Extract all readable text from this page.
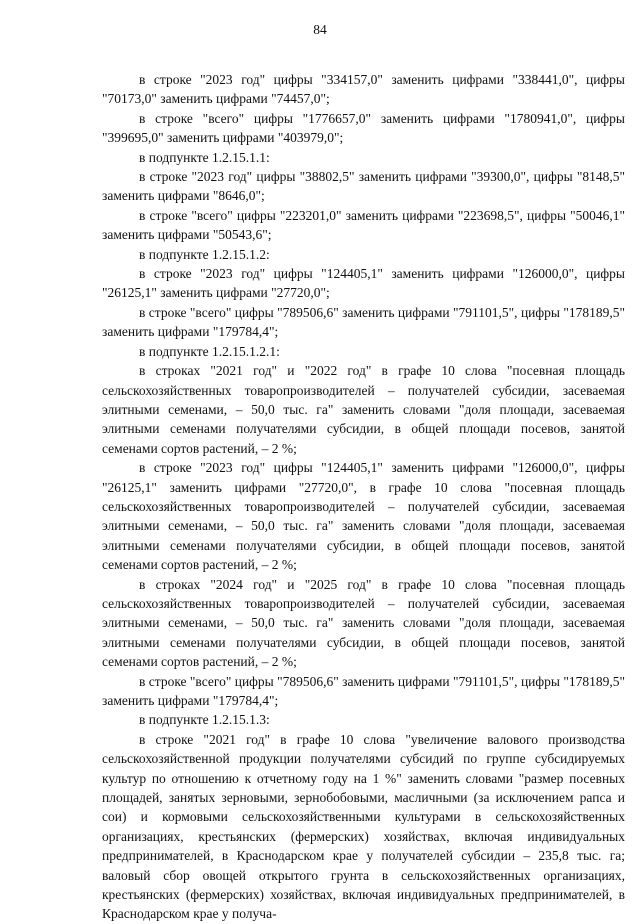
84

в строке "2023 год" цифры "334157,0" заменить цифрами "338441,0", цифры "70173,0" заменить цифрами "74457,0";

в строке "всего" цифры "1776657,0" заменить цифрами "1780941,0", цифры "399695,0" заменить цифрами "403979,0";

в подпункте 1.2.15.1.1:

в строке "2023 год" цифры "38802,5" заменить цифрами "39300,0", цифры "8148,5" заменить цифрами "8646,0";

в строке "всего" цифры "223201,0" заменить цифрами "223698,5", цифры "50046,1" заменить цифрами "50543,6";

в подпункте 1.2.15.1.2:

в строке "2023 год" цифры "124405,1" заменить цифрами "126000,0", цифры "26125,1" заменить цифрами "27720,0";

в строке "всего" цифры "789506,6" заменить цифрами "791101,5", цифры "178189,5" заменить цифрами "179784,4";

в подпункте 1.2.15.1.2.1:

в строках "2021 год" и "2022 год" в графе 10 слова "посевная площадь сельскохозяйственных товаропроизводителей – получателей субсидии, засеваемая элитными семенами, – 50,0 тыс. га" заменить словами "доля площади, засеваемая элитными семенами получателями субсидии, в общей площади посевов, занятой семенами сортов растений, – 2 %;

в строке "2023 год" цифры "124405,1" заменить цифрами "126000,0", цифры "26125,1" заменить цифрами "27720,0", в графе 10 слова "посевная площадь сельскохозяйственных товаропроизводителей – получателей субсидии, засеваемая элитными семенами, – 50,0 тыс. га" заменить словами "доля площади, засеваемая элитными семенами получателями субсидии, в общей площади посевов, занятой семенами сортов растений, – 2 %;

в строках "2024 год" и "2025 год" в графе 10 слова "посевная площадь сельскохозяйственных товаропроизводителей – получателей субсидии, засеваемая элитными семенами, – 50,0 тыс. га" заменить словами "доля площади, засеваемая элитными семенами получателями субсидии, в общей площади посевов, занятой семенами сортов растений, – 2 %;

в строке "всего" цифры "789506,6" заменить цифрами "791101,5", цифры "178189,5" заменить цифрами "179784,4";

в подпункте 1.2.15.1.3:

в строке "2021 год" в графе 10 слова "увеличение валового производства сельскохозяйственной продукции получателями субсидий по группе субсидируемых культур по отношению к отчетному году на 1 %" заменить словами "размер посевных площадей, занятых зерновыми, зернобобовыми, масличными (за исключением рапса и сои) и кормовыми сельскохозяйственными культурами в сельскохозяйственных организациях, крестьянских (фермерских) хозяйствах, включая индивидуальных предпринимателей, в Краснодарском крае у получателей субсидии – 235,8 тыс. га; валовый сбор овощей открытого грунта в сельскохозяйственных организациях, крестьянских (фермерских) хозяйствах, включая индивидуальных предпринимателей, в Краснодарском крае у получа-
